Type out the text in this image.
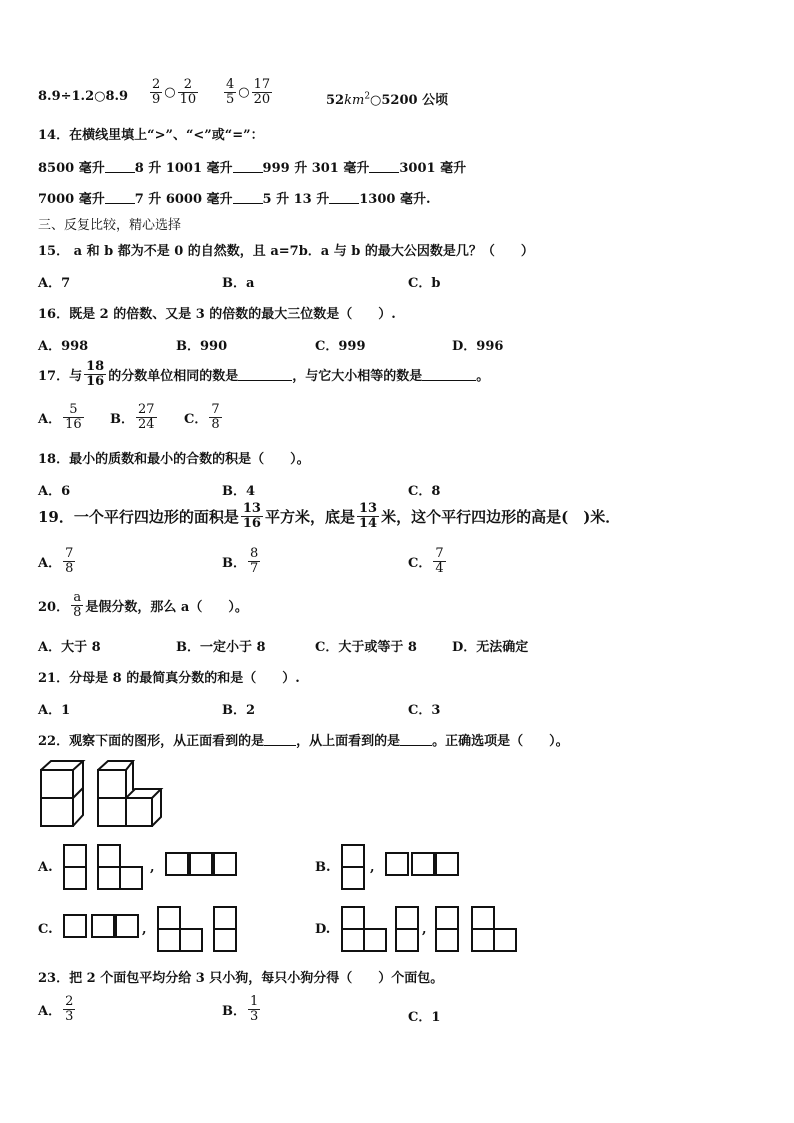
8.9÷1.2○8.9 $\frac{2}{9}$ ○ $\frac{2}{10} \frac{4}{5}$ ○ $\frac{17}{20}$	$52km^2○5200$ 公顷
14．在横线里填上“>”、“<”或“=”：
8500 毫升 8 升 1001 毫升 999 升 301 毫升 3001 毫升
7000 毫升 7 升 6000 毫升 5 升 13 升 1300 毫升.
三、反复比较，精心选择
15． a 和 b 都为不是 0 的自然数，且 a=7b．a 与 b 的最大公因数是几？（　　）
A．7	B．a	C．b
16．既是 2 的倍数、又是 3 的倍数的最大三位数是（　　）.
A．998	B．990	C．999	D．996
17．与 $\frac{18}{16}$ 的分数单位相同的数是	，与它大小相等的数是	。
A． $\frac{5}{16}$ B． $\frac{27}{24}$ C． $\frac{7}{8}$
18．最小的质数和最小的合数的积是（　　）。
A．6	B．4	C．8
19．一个平行四边形的面积是 $\frac{13}{16}$ 平方米，底是 $\frac{13}{14}$ 米，这个平行四边形的高是(　)米．
A． $\frac{7}{8}$	B． $\frac{8}{7}$	C． $\frac{7}{4}$
20． $\frac{a}{8}$ 是假分数，那么 a（　　）。
A．大于 8	B．一定小于 8	C．大于或等于 8	D．无法确定
21．分母是 8 的最简真分数的和是（　　）.
A．1	B．2	C．3
22．观察下面的图形，从正面看到的是 ，从上面看到的是 。正确选项是（　　）。
A.	,	B.	,
C.	,	D.	,
23．把 2 个面包平均分给 3 只小狗，每只小狗分得（　　）个面包。
A． $\frac{2}{3}$	B． $\frac{1}{3}$	C．1
